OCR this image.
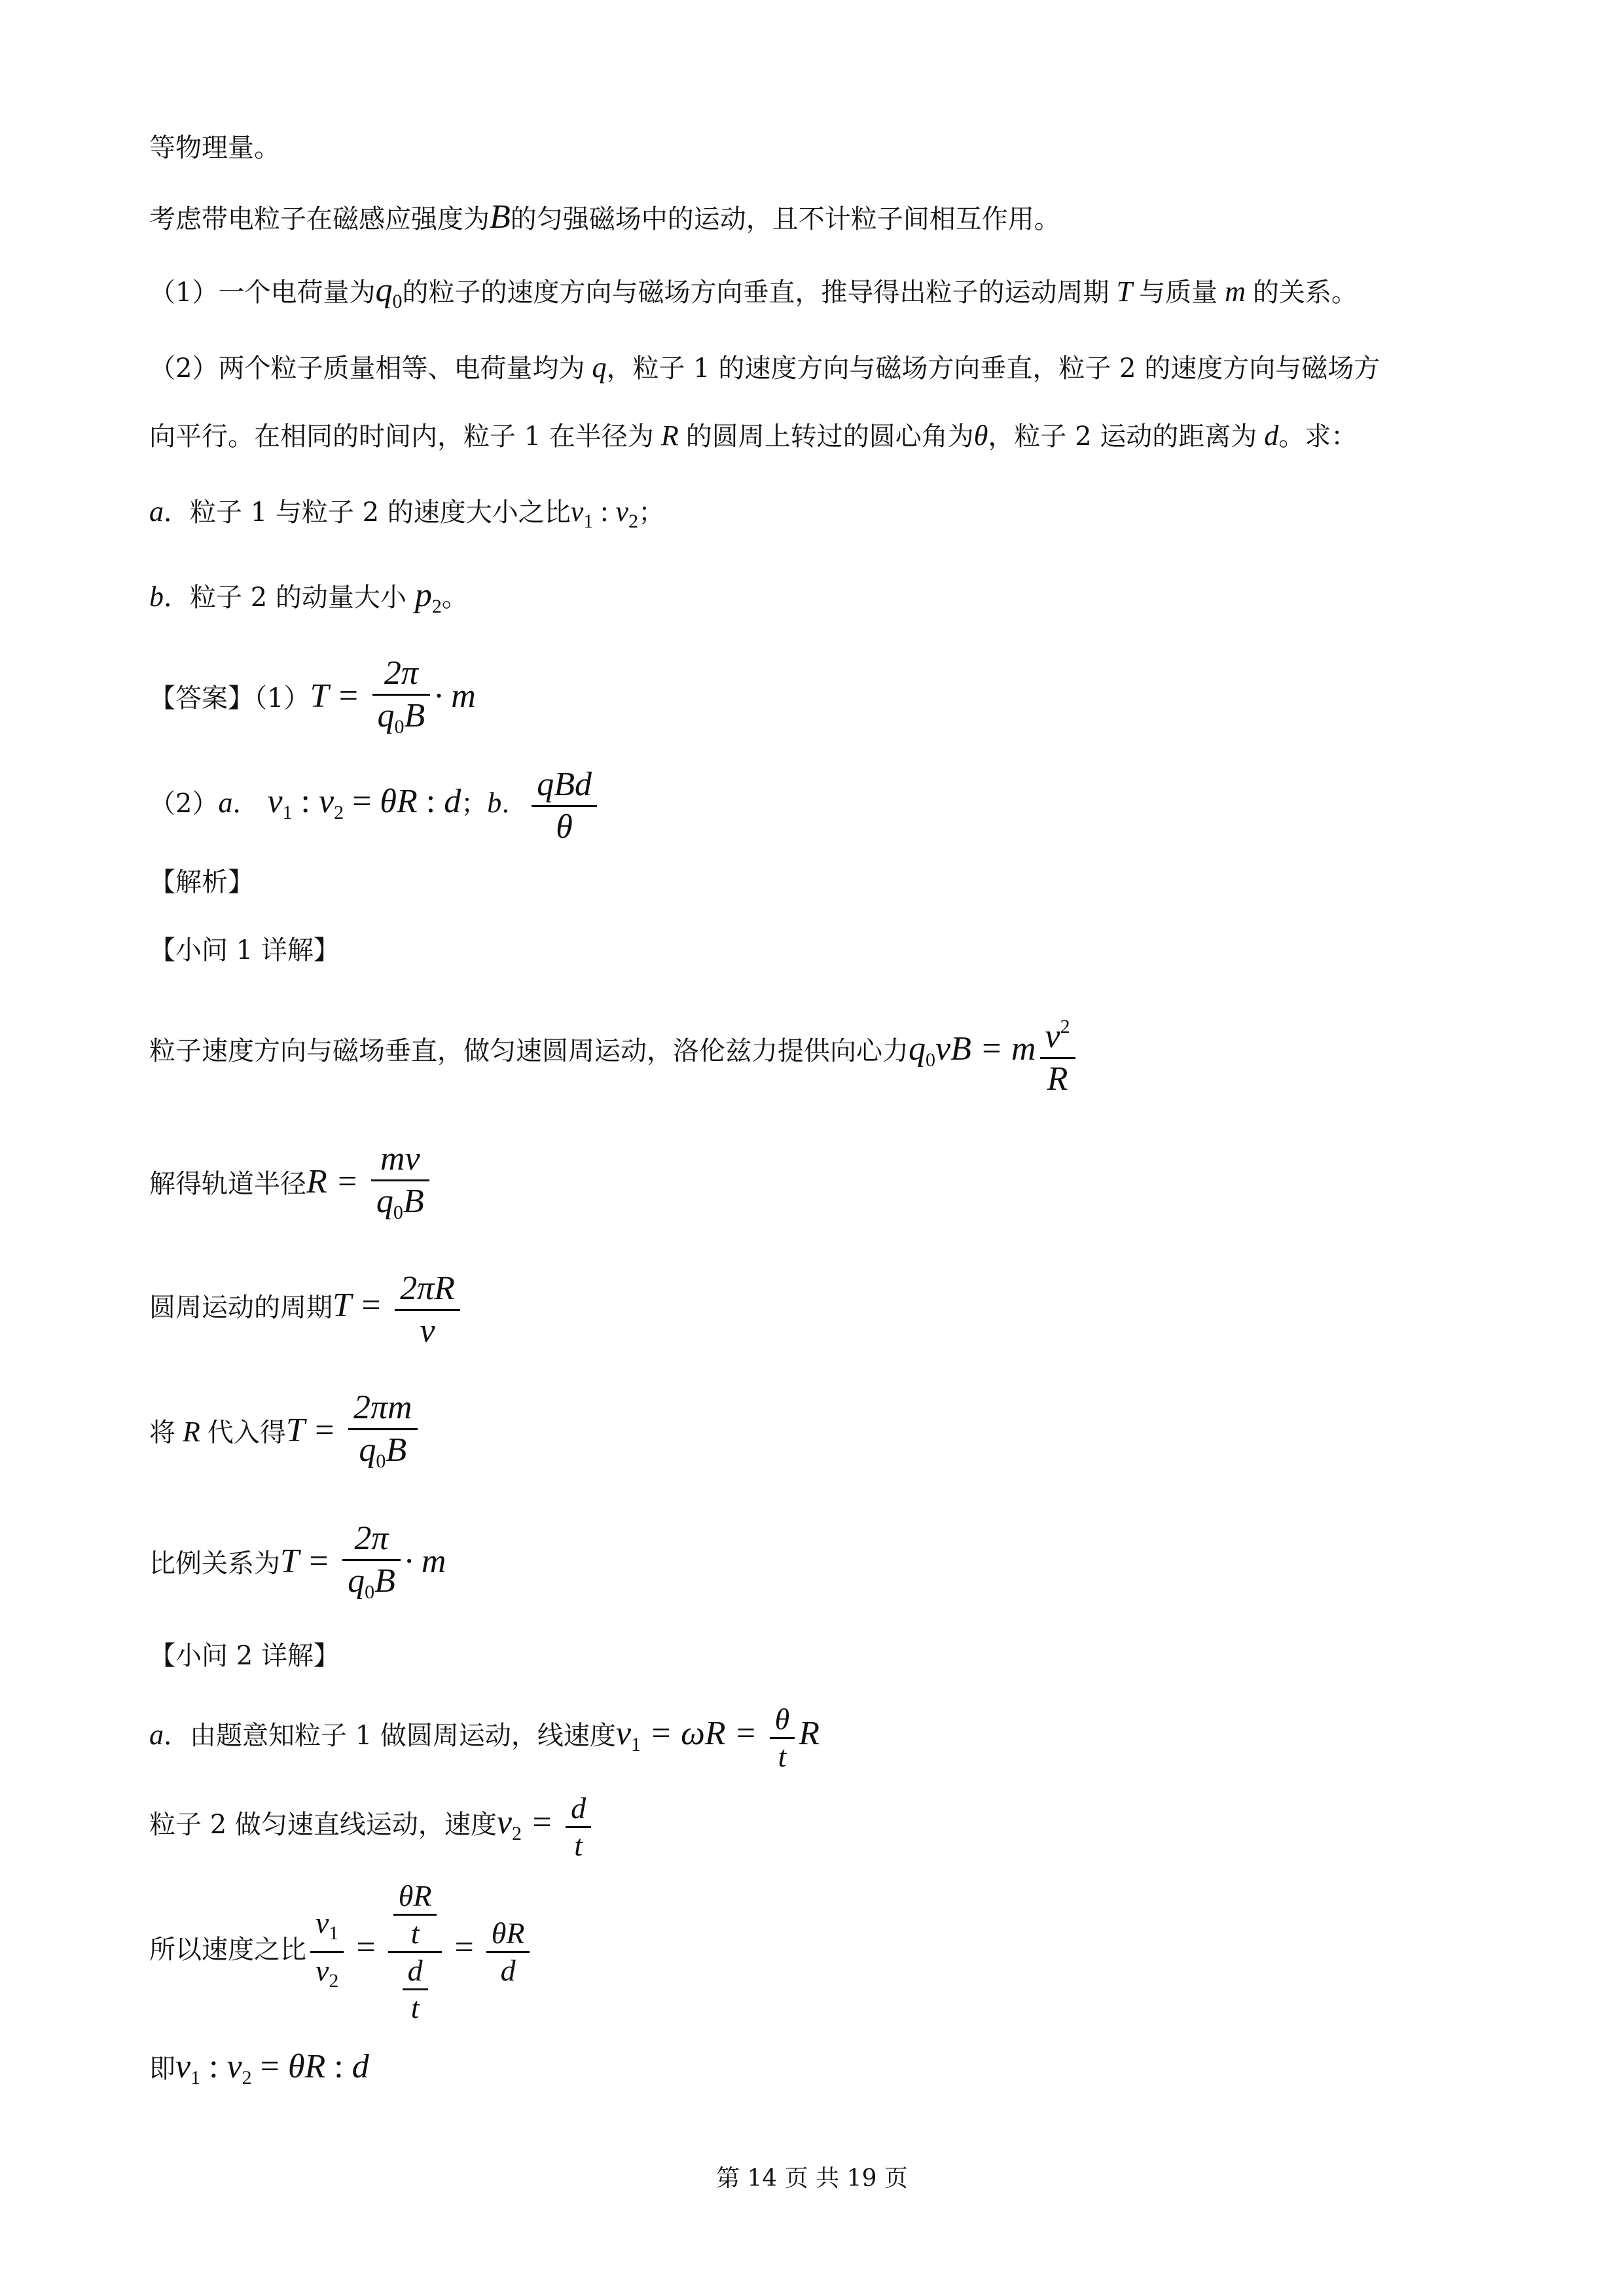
等物理量。
考虑带电粒子在磁感应强度为B的匀强磁场中的运动，且不计粒子间相互作用。
（1）一个电荷量为$q_0$的粒子的速度方向与磁场方向垂直，推导得出粒子的运动周期 T 与质量 m 的关系。
（2）两个粒子质量相等、电荷量均为 q，粒子 1 的速度方向与磁场方向垂直，粒子 2 的速度方向与磁场方
向平行。在相同的时间内，粒子 1 在半径为 R 的圆周上转过的圆心角为θ，粒子 2 运动的距离为 d。求：
a．粒子 1 与粒子 2 的速度大小之比$v_1$ : $v_2$；
b．粒子 2 的动量大小 $p_2$。
【答案】$(1)T = \frac{2\pi}{q_0B} \cdot m$
（2）a． $v_1$ : $v_2 = \theta R$ : d；b． $\frac{\text{qBd}}{\theta}$
【解析】
【小问 1 详解】
粒子速度方向与磁场垂直，做匀速圆周运动，洛伦兹力提供向心力$q_0vB = m \frac{v^2}{R}$
解得轨道半径$R = \frac{mv}{q_0B}$
圆周运动的周期$T = \frac{2\pi R}{v}$
将 R 代入得$T = \frac{2\pi m}{q_0B}$
比例关系为$T = \frac{2\pi}{q_0B} \cdot m$
【小问 2 详解】
a．由题意知粒子 1 做圆周运动，线速度$v_1 = \omega R = \frac{\theta}{t}$ R
粒子 2 做匀速直线运动，速度$v_2 = \frac{d}{t}$
所以速度之比 $\frac{v_1}{v_2} = \frac{\frac{\theta R}{t}}{\frac{d}{t}} = \frac{\theta R}{d}$
即$v_1$ : $v_2 = \theta R$ : d
第 14 页 共 19 页
